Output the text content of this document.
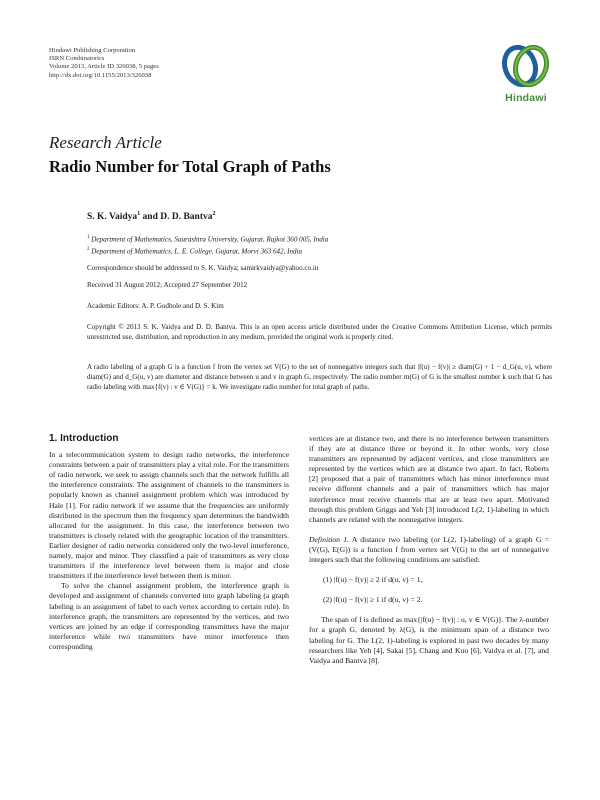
Hindawi Publishing Corporation
ISRN Combinatorics
Volume 2013, Article ID 326038, 5 pages
http://dx.doi.org/10.1155/2013/326038
Hindawi
Research Article
Radio Number for Total Graph of Paths
S. K. Vaidya$^1$ and D. D. Bantva$^2$
$^1$ Department of Mathematics, Saurashtra University, Gujarat, Rajkot 360 005, India
$^2$ Department of Mathematics, L. E. College, Gujarat, Morvi 363 642, India
Correspondence should be addressed to S. K. Vaidya; samirkvaidya@yahoo.co.in
Received 31 August 2012; Accepted 27 September 2012
Academic Editors: A. P. Godbole and D. S. Kim
Copyright © 2013 S. K. Vaidya and D. D. Bantva. This is an open access article distributed under the Creative Commons Attribution License, which permits unrestricted use, distribution, and reproduction in any medium, provided the original work is properly cited.
A radio labeling of a graph G is a function f from the vertex set V(G) to the set of nonnegative integers such that |f(u) − f(v)| ≥ diam(G) + 1 − d_G(u, v), where diam(G) and d_G(u, v) are diameter and distance between u and v in graph G, respectively. The radio number rn(G) of G is the smallest number k such that G has radio labeling with max{f(v) : v ∈ V(G)} = k. We investigate radio number for total graph of paths.
1. Introduction

In a telecommunication system to design radio networks, the interference constraints between a pair of transmitters play a vital role. For the transmitters of radio network, we seek to assign channels such that the network fulfills all the interference constraints. The assignment of channels to the transmitters is popularly known as channel assignment problem which was introduced by Hale [1]. For radio network if we assume that the frequencies are uniformly distributed in the spectrum then the frequency span determines the bandwidth allocated for the assignment. In this case, the interference between two transmitters is closely related with the geographic location of the transmitters. Earlier designer of radio networks considered only the two-level interference, namely, major and minor. They classified a pair of transmitters as very close transmitters if the interference level between them is major and close transmitters if the interference level between them is minor.

To solve the channel assignment problem, the interference graph is developed and assignment of channels converted into graph labeling (a graph labeling is an assignment of label to each vertex according to certain rule). In interference graph, the transmitters are represented by the vertices, and two vertices are joined by an edge if corresponding transmitters have the major interference while two transmitters have minor interference then corresponding

vertices are at distance two, and there is no interference between transmitters if they are at distance three or beyond it. In other words, very close transmitters are represented by adjacent vertices, and close transmitters are represented by the vertices which are at distance two apart. In fact, Roberts [2] proposed that a pair of transmitters which has minor interference must receive different channels and a pair of transmitters which has major interference must receive channels that are at least two apart. Motivated through this problem Griggs and Yeh [3] introduced L(2, 1)-labeling in which channels are related with the nonnegative integers.

Definition 1. A distance two labeling (or L(2, 1)-labeling) of a graph G = (V(G), E(G)) is a function f from vertex set V(G) to the set of nonnegative integers such that the following conditions are satisfied:

(1) |f(u) − f(v)| ≥ 2 if d(u, v) = 1,

(2) |f(u) − f(v)| ≥ 1 if d(u, v) = 2.

The span of f is defined as max{|f(u) − f(v)| : u, v ∈ V(G)}. The λ-number for a graph G, denoted by λ(G), is the minimum span of a distance two labeling for G. The L(2, 1)-labeling is explored in past two decades by many researchers like Yeh [4], Sakai [5], Chang and Kuo [6], Vaidya et al. [7], and Vaidya and Bantva [8].
